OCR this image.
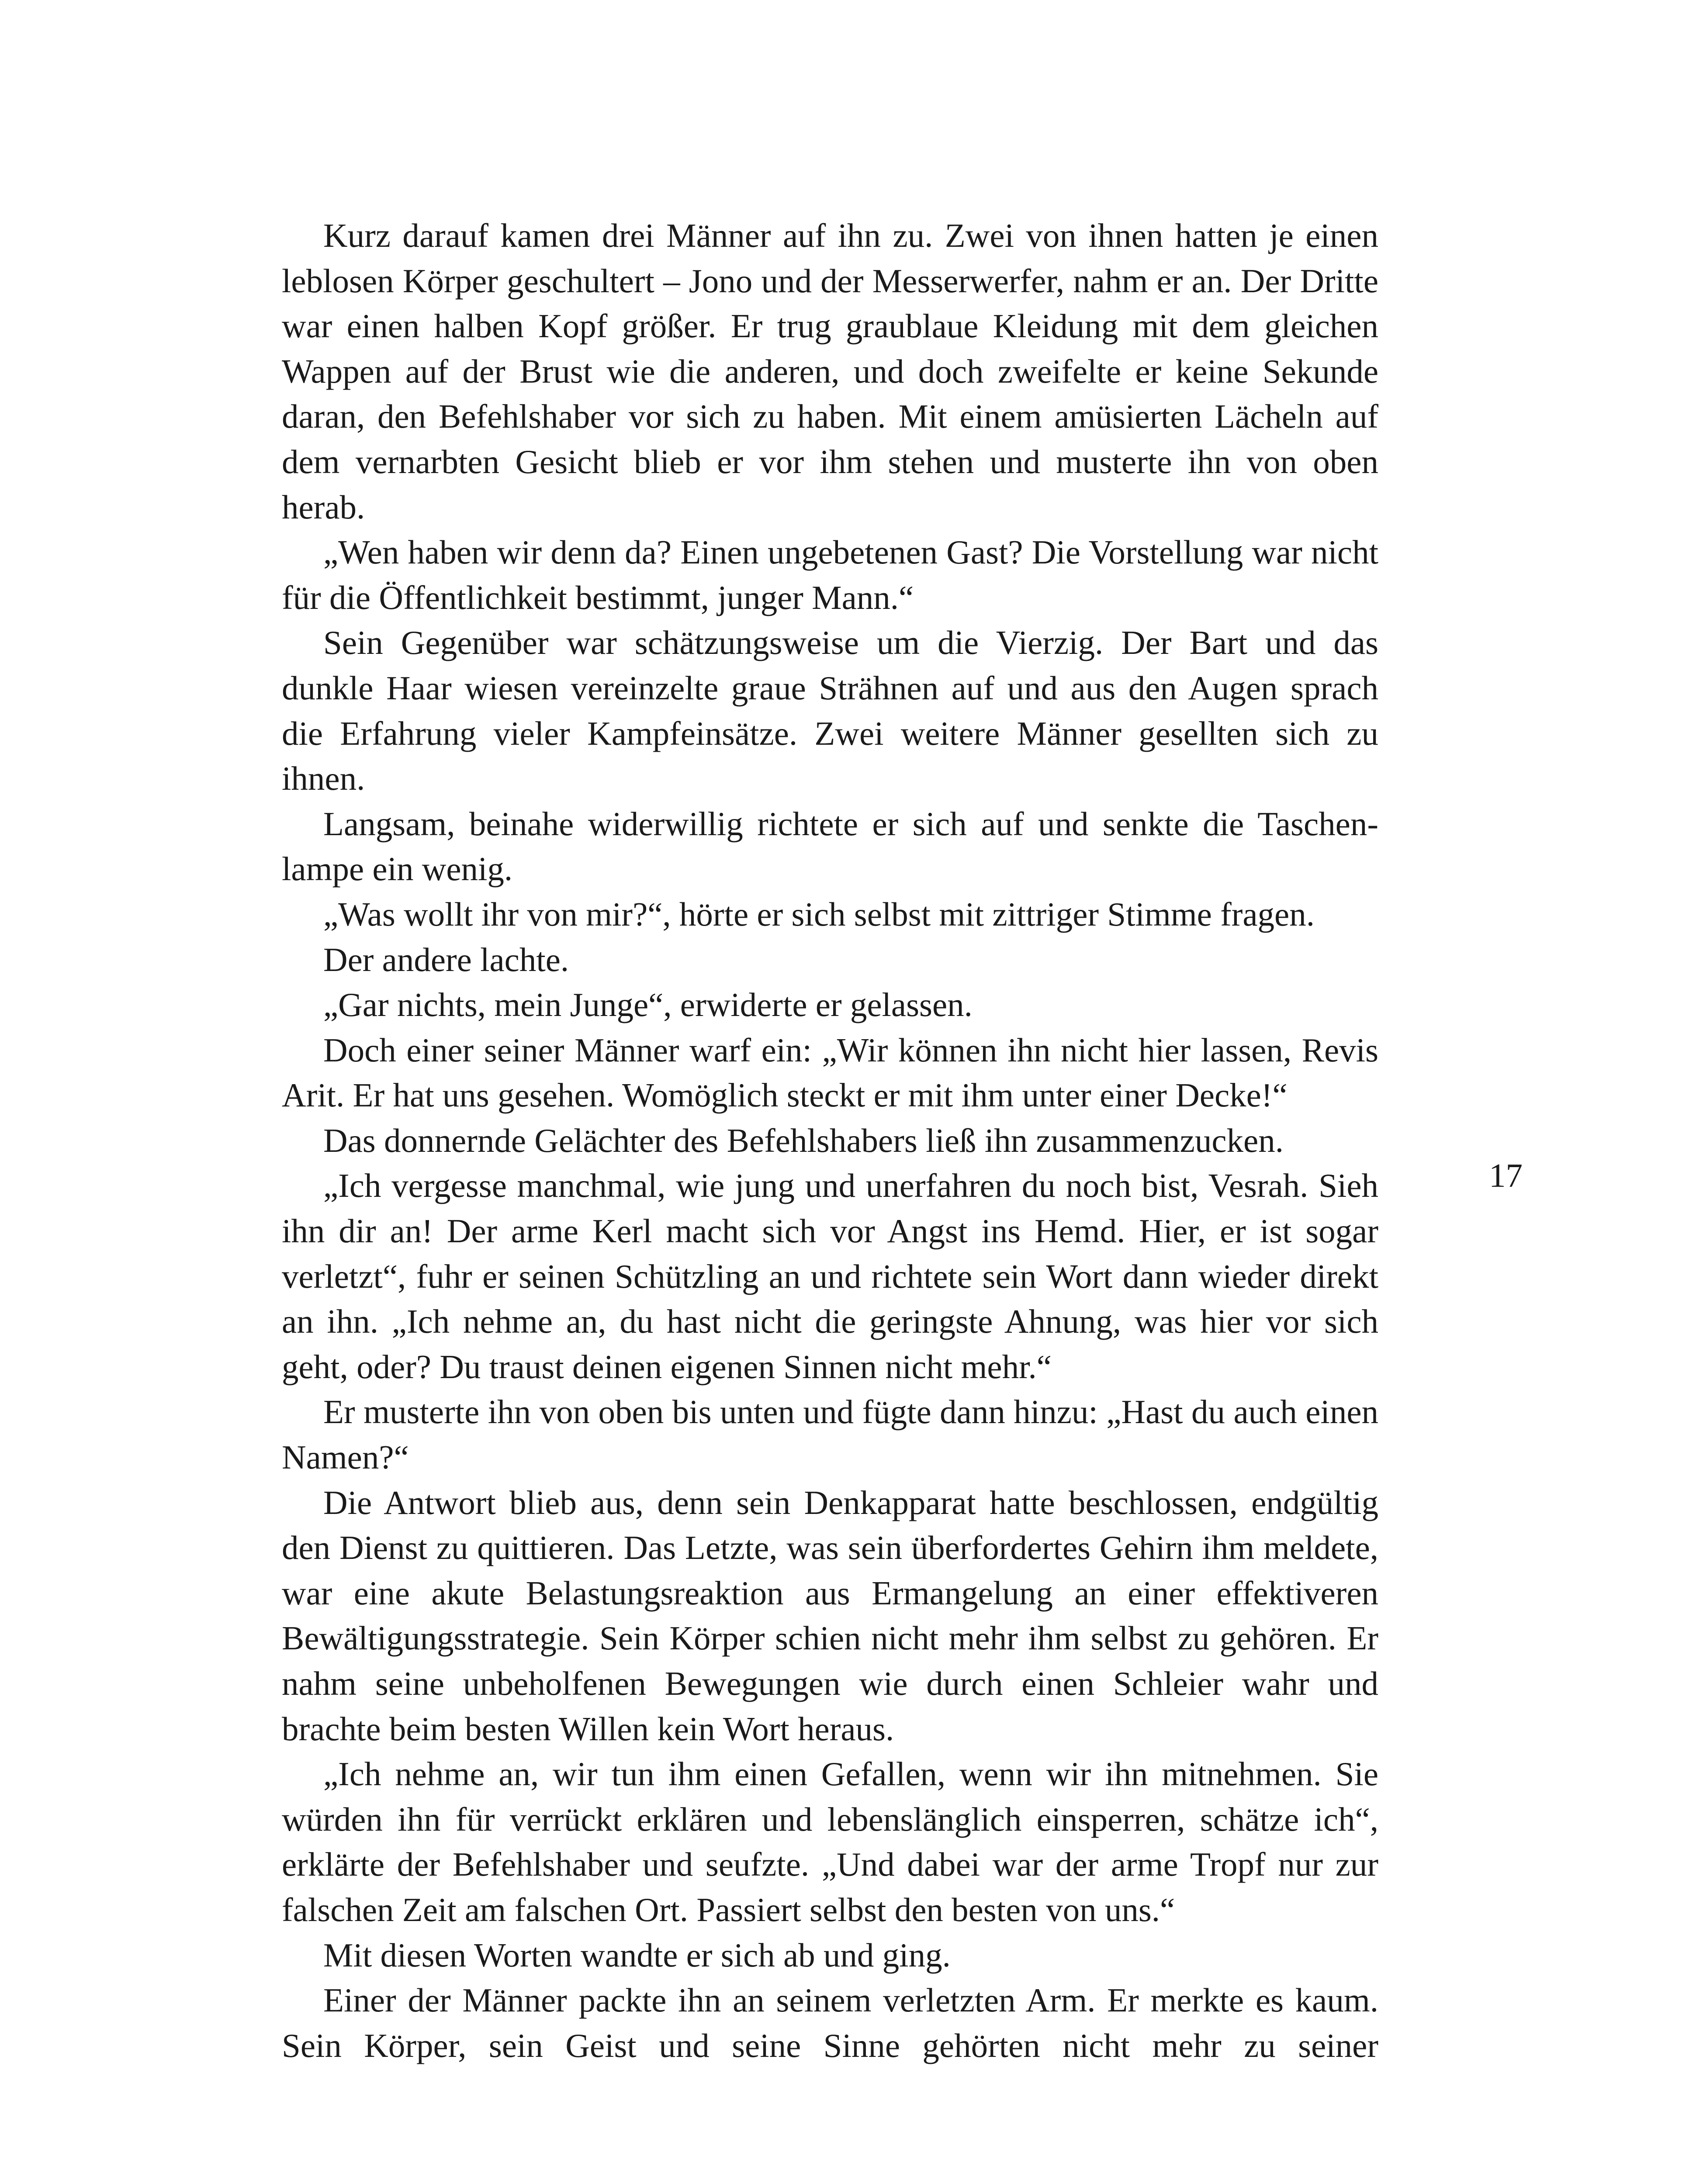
Kurz darauf kamen drei Männer auf ihn zu. Zwei von ihnen hatten je einen leblosen Körper geschultert – Jono und der Messerwerfer, nahm er an. Der Dritte war einen halben Kopf größer. Er trug graublaue Kleidung mit dem gleichen Wappen auf der Brust wie die anderen, und doch zweifelte er keine Sekunde daran, den Befehlshaber vor sich zu haben. Mit einem amüsierten Lächeln auf dem vernarbten Gesicht blieb er vor ihm stehen und musterte ihn von oben herab.

„Wen haben wir denn da? Einen ungebetenen Gast? Die Vorstellung war nicht für die Öffentlichkeit bestimmt, junger Mann.“

Sein Gegenüber war schätzungsweise um die Vierzig. Der Bart und das dunkle Haar wiesen vereinzelte graue Strähnen auf und aus den Augen sprach die Erfahrung vieler Kampfeinsätze. Zwei weitere Männer gesellten sich zu ihnen.

Langsam, beinahe widerwillig richtete er sich auf und senkte die Taschenlampe ein wenig.

„Was wollt ihr von mir?“, hörte er sich selbst mit zittriger Stimme fragen.

Der andere lachte.

„Gar nichts, mein Junge“, erwiderte er gelassen.

Doch einer seiner Männer warf ein: „Wir können ihn nicht hier lassen, Revis Arit. Er hat uns gesehen. Womöglich steckt er mit ihm unter einer Decke!“

Das donnernde Gelächter des Befehlshabers ließ ihn zusammenzucken.

„Ich vergesse manchmal, wie jung und unerfahren du noch bist, Vesrah. Sieh ihn dir an! Der arme Kerl macht sich vor Angst ins Hemd. Hier, er ist sogar verletzt“, fuhr er seinen Schützling an und richtete sein Wort dann wieder direkt an ihn. „Ich nehme an, du hast nicht die geringste Ahnung, was hier vor sich geht, oder? Du traust deinen eigenen Sinnen nicht mehr.“

Er musterte ihn von oben bis unten und fügte dann hinzu: „Hast du auch einen Namen?“

Die Antwort blieb aus, denn sein Denkapparat hatte beschlossen, endgültig den Dienst zu quittieren. Das Letzte, was sein überfordertes Gehirn ihm meldete, war eine akute Belastungsreaktion aus Ermangelung an einer effektiveren Bewältigungsstrategie. Sein Körper schien nicht mehr ihm selbst zu gehören. Er nahm seine unbeholfenen Bewegungen wie durch einen Schleier wahr und brachte beim besten Willen kein Wort heraus.

„Ich nehme an, wir tun ihm einen Gefallen, wenn wir ihn mitnehmen. Sie würden ihn für verrückt erklären und lebenslänglich einsperren, schätze ich“, erklärte der Befehlshaber und seufzte. „Und dabei war der arme Tropf nur zur falschen Zeit am falschen Ort. Passiert selbst den besten von uns.“

Mit diesen Worten wandte er sich ab und ging.

Einer der Männer packte ihn an seinem verletzten Arm. Er merkte es kaum. Sein Körper, sein Geist und seine Sinne gehörten nicht mehr zu seiner

17
